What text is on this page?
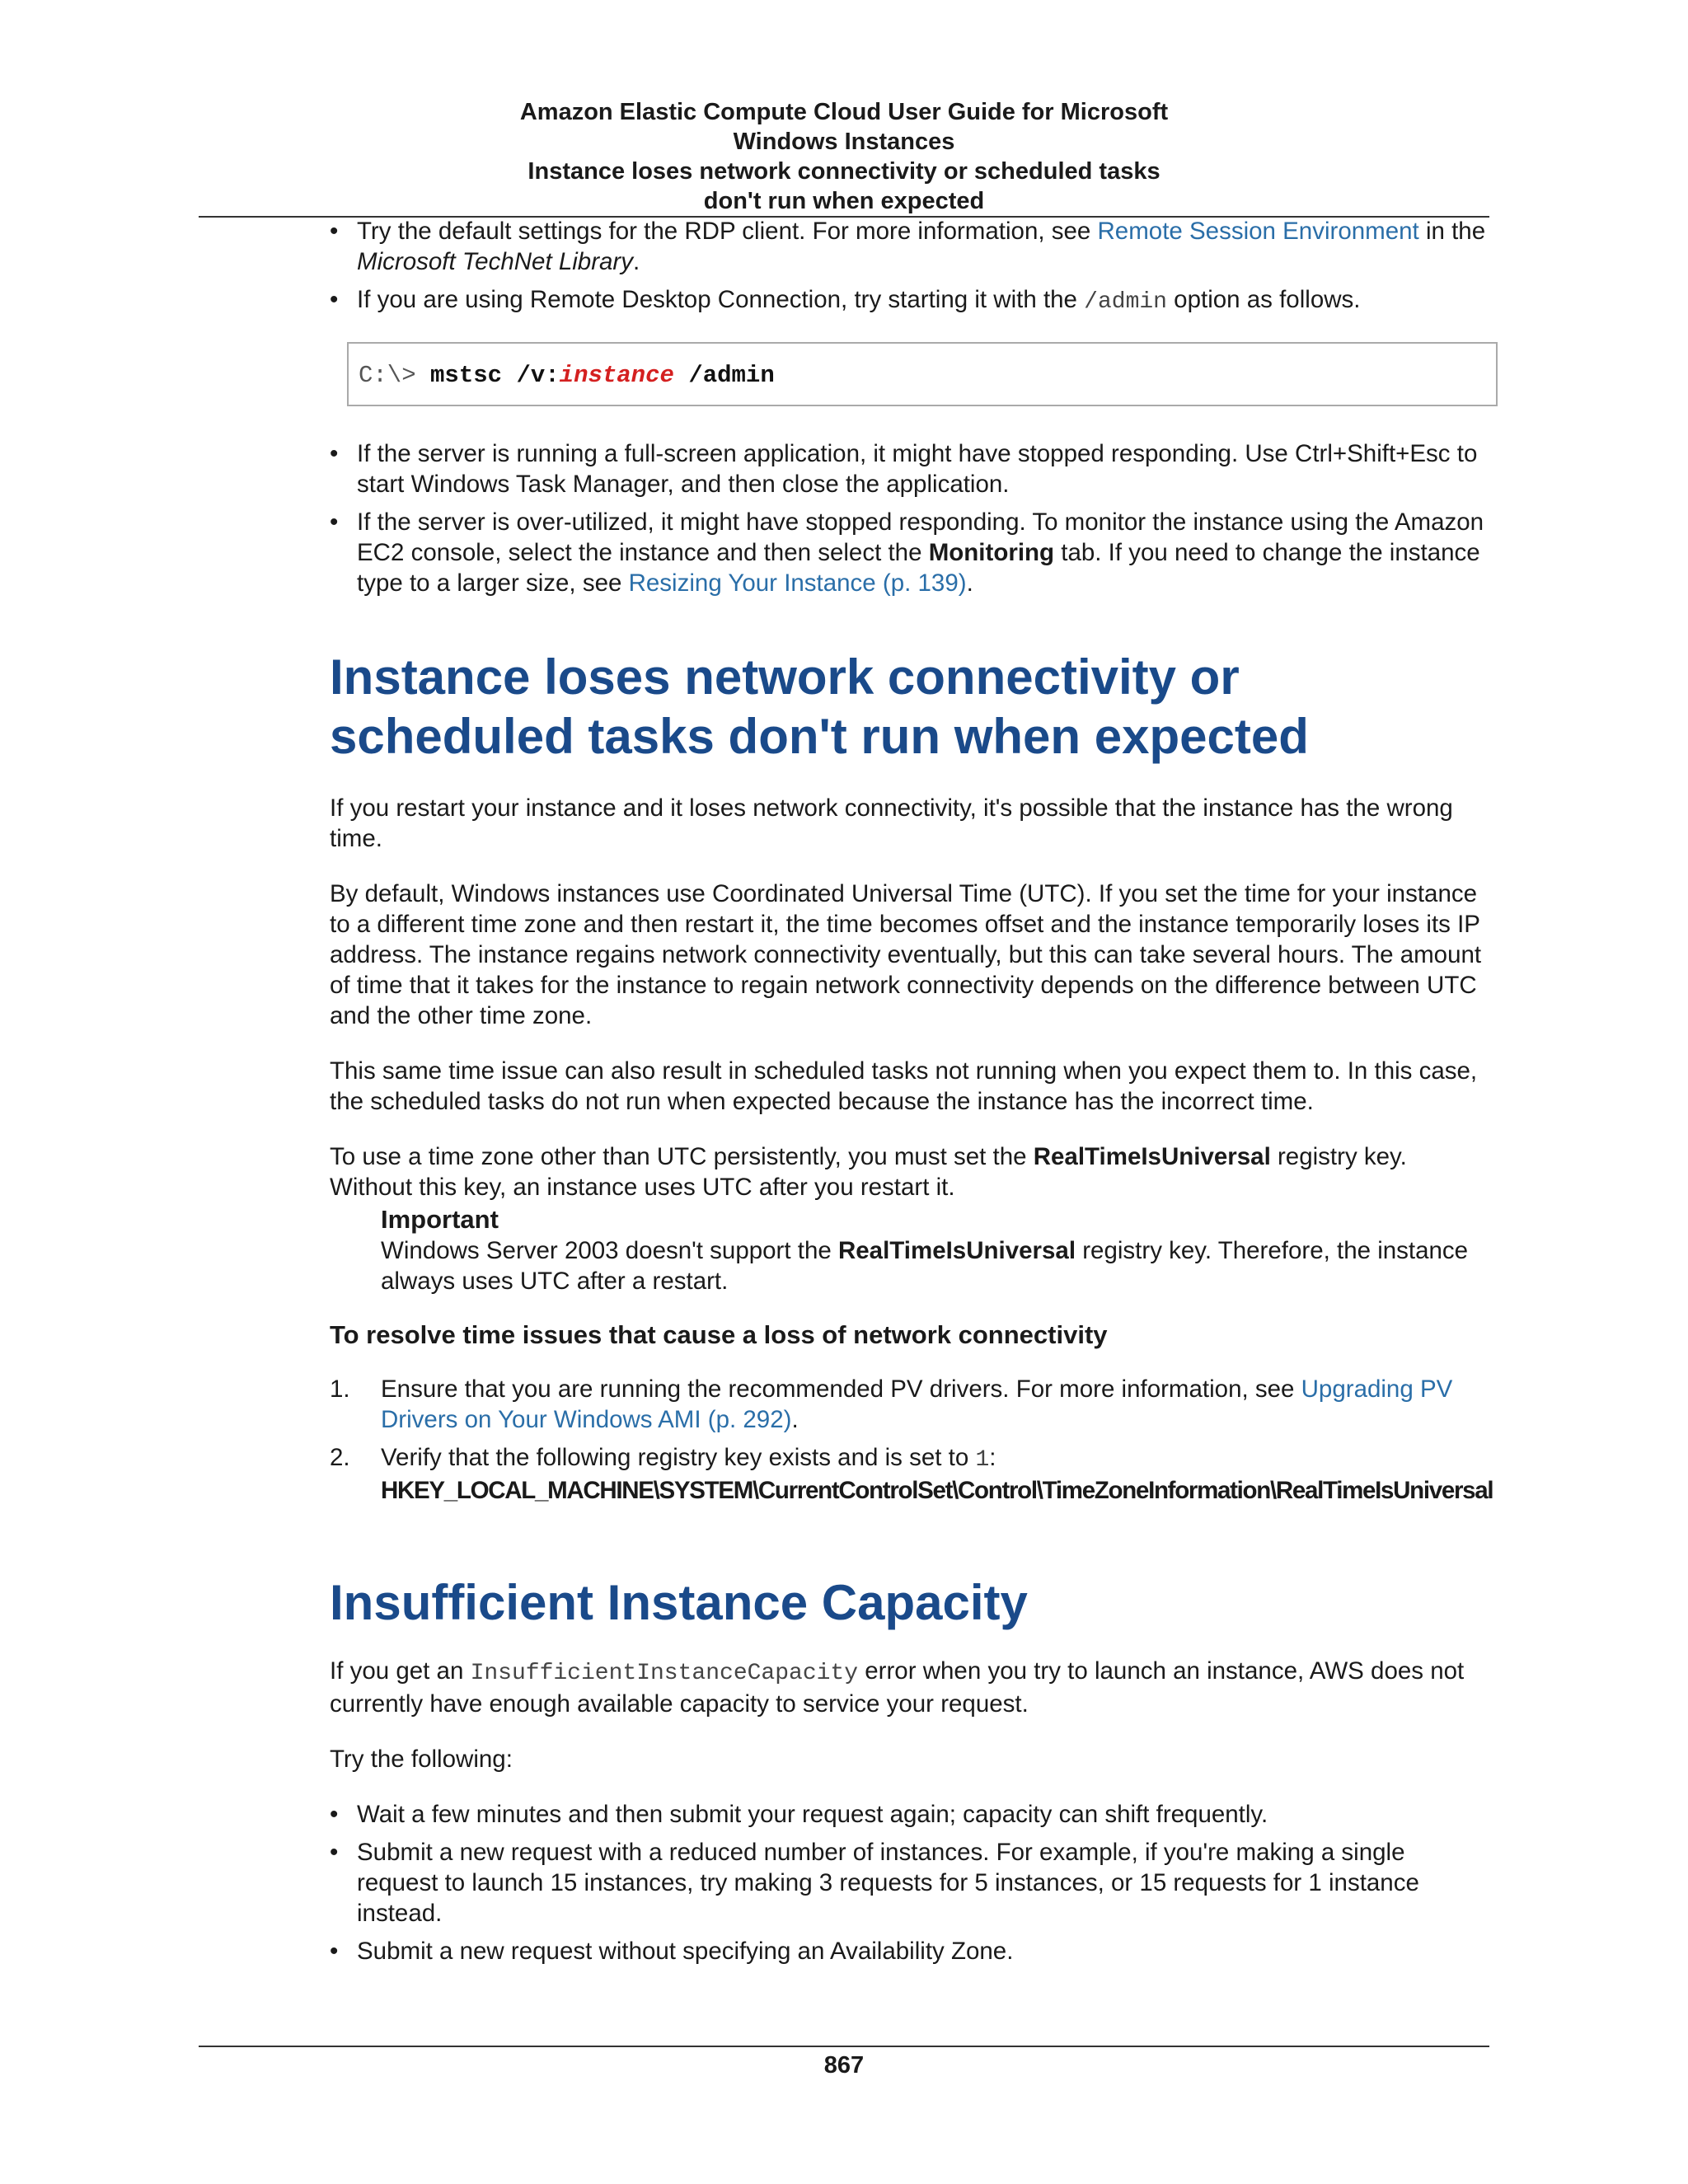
Amazon Elastic Compute Cloud User Guide for Microsoft
Windows Instances
Instance loses network connectivity or scheduled tasks
don't run when expected
• Try the default settings for the RDP client. For more information, see Remote Session Environment in the Microsoft TechNet Library.
• If you are using Remote Desktop Connection, try starting it with the /admin option as follows.
C:\> mstsc /v:instance /admin
• If the server is running a full-screen application, it might have stopped responding. Use Ctrl+Shift+Esc to start Windows Task Manager, and then close the application.
• If the server is over-utilized, it might have stopped responding. To monitor the instance using the Amazon EC2 console, select the instance and then select the Monitoring tab. If you need to change the instance type to a larger size, see Resizing Your Instance (p. 139).
Instance loses network connectivity or scheduled tasks don't run when expected

If you restart your instance and it loses network connectivity, it's possible that the instance has the wrong time.

By default, Windows instances use Coordinated Universal Time (UTC). If you set the time for your instance to a different time zone and then restart it, the time becomes offset and the instance temporarily loses its IP address. The instance regains network connectivity eventually, but this can take several hours. The amount of time that it takes for the instance to regain network connectivity depends on the difference between UTC and the other time zone.

This same time issue can also result in scheduled tasks not running when you expect them to. In this case, the scheduled tasks do not run when expected because the instance has the incorrect time.

To use a time zone other than UTC persistently, you must set the RealTimeIsUniversal registry key. Without this key, an instance uses UTC after you restart it.

Important

Windows Server 2003 doesn't support the RealTimeIsUniversal registry key. Therefore, the instance always uses UTC after a restart.

To resolve time issues that cause a loss of network connectivity
1. Ensure that you are running the recommended PV drivers. For more information, see Upgrading PV Drivers on Your Windows AMI (p. 292).
2. Verify that the following registry key exists and is set to 1:
HKEY_LOCAL_MACHINE\SYSTEM\CurrentControlSet\Control\TimeZoneInformation\RealTimeIsUniversal
Insufficient Instance Capacity

If you get an InsufficientInstanceCapacity error when you try to launch an instance, AWS does not currently have enough available capacity to service your request.

Try the following:

• Wait a few minutes and then submit your request again; capacity can shift frequently.
• Submit a new request with a reduced number of instances. For example, if you're making a single request to launch 15 instances, try making 3 requests for 5 instances, or 15 requests for 1 instance instead.
• Submit a new request without specifying an Availability Zone.
867
